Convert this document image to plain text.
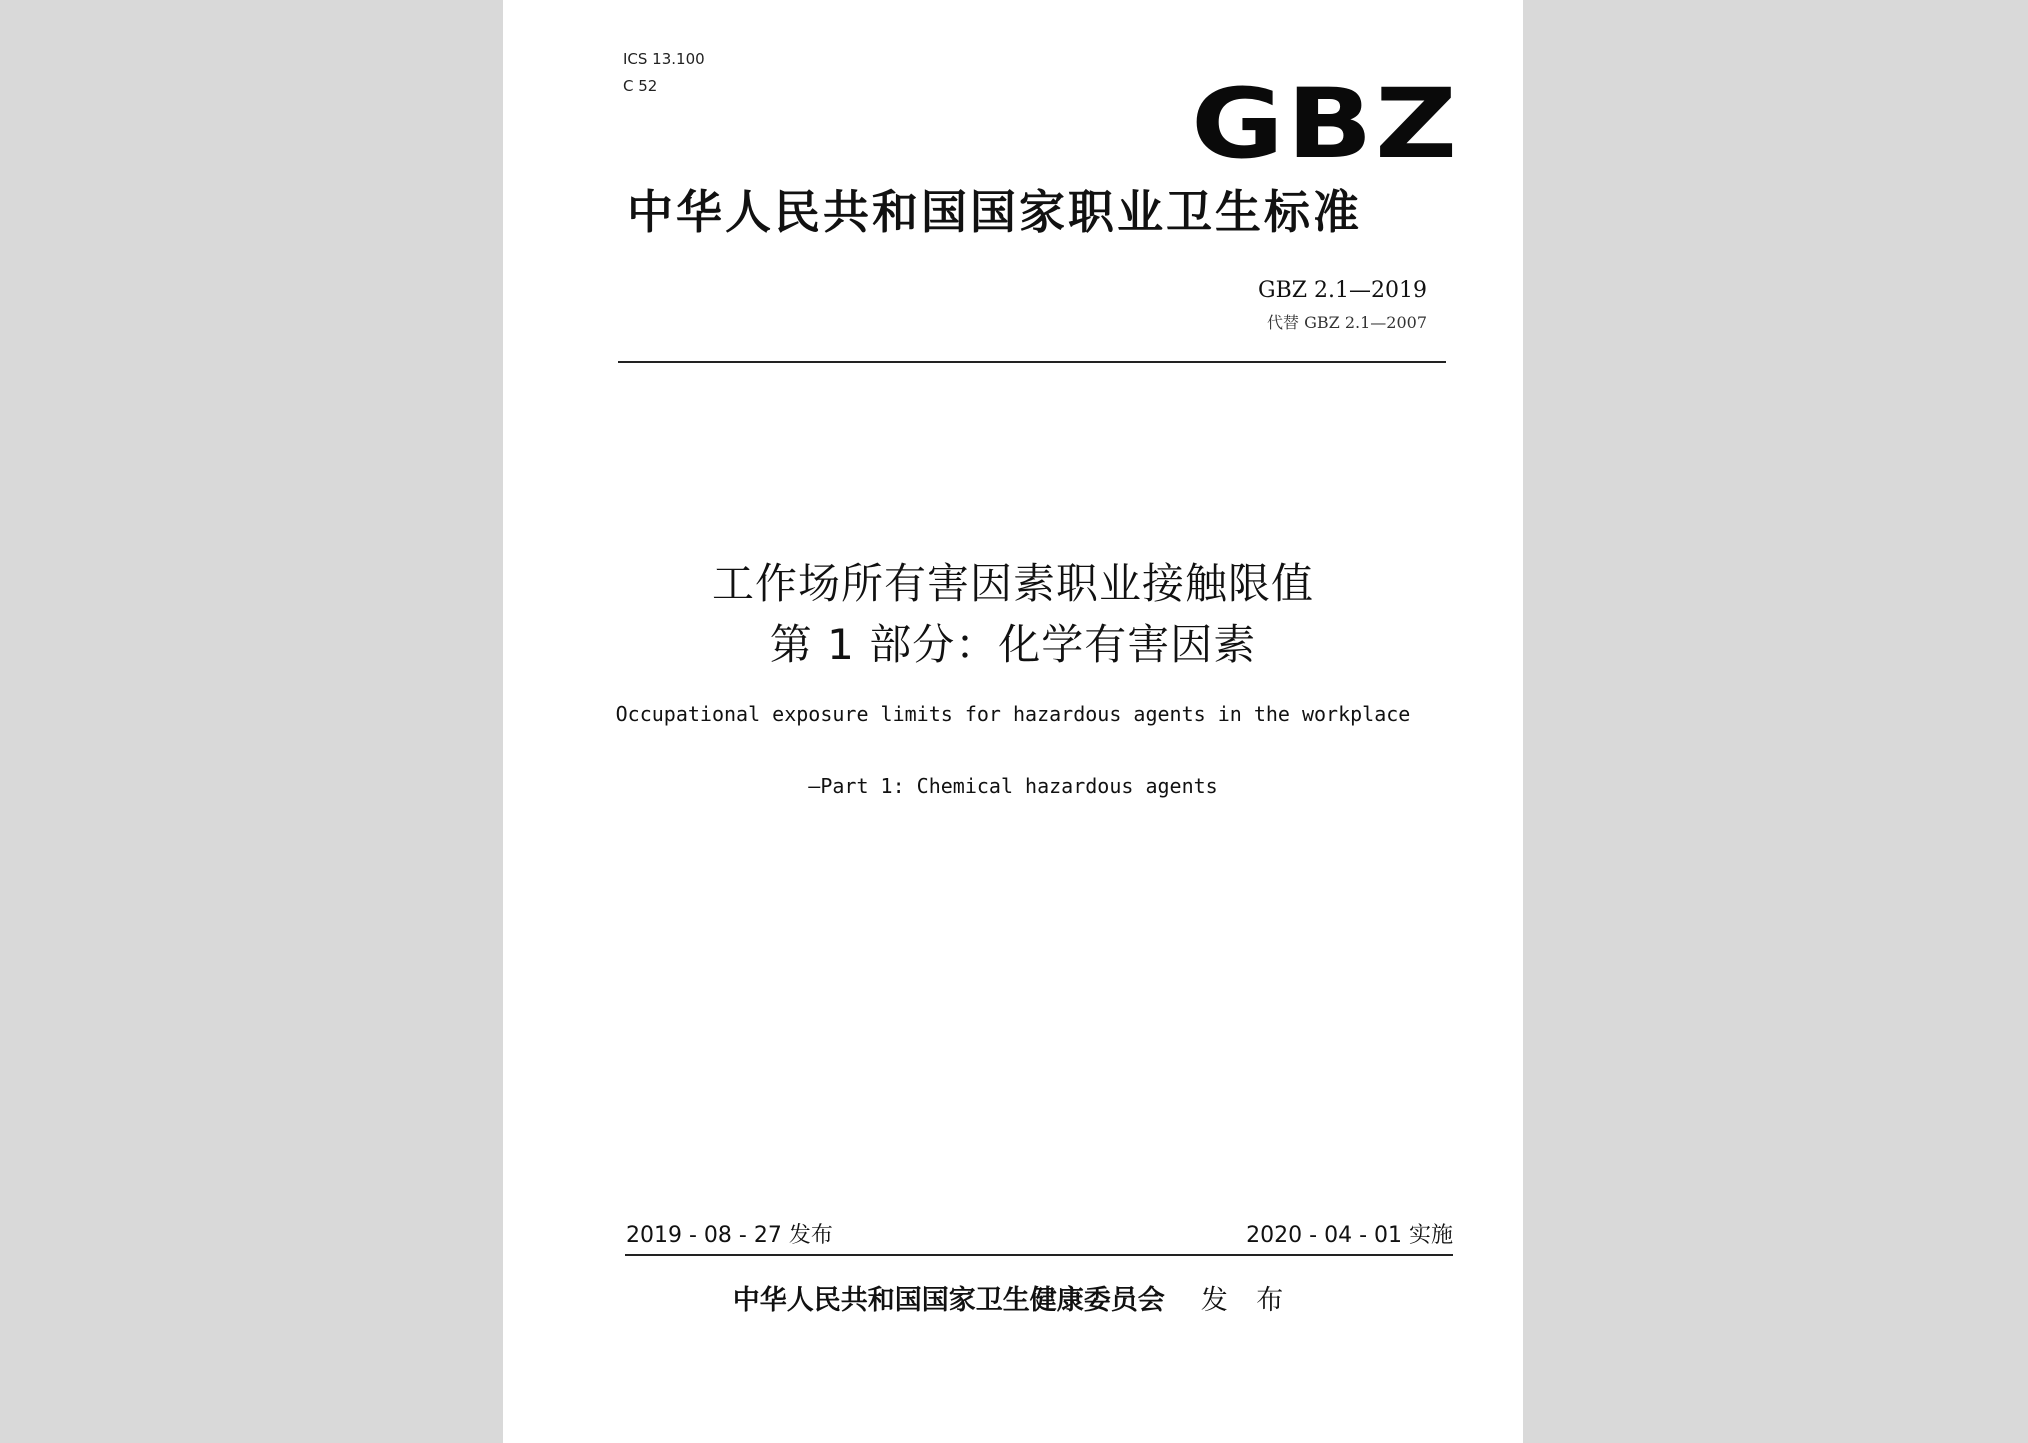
ICS 13.100
C 52	GBZ
中华人民共和国国家职业卫生标准
GBZ 2.1—2019
代替 GBZ 2.1—2007
工作场所有害因素职业接触限值
第 1 部分：化学有害因素
Occupational exposure limits for hazardous agents in the workplace
—Part 1: Chemical hazardous agents
2019 - 08 - 27 发布	2020 - 04 - 01 实施
中华人民共和国国家卫生健康委员会 发 布
